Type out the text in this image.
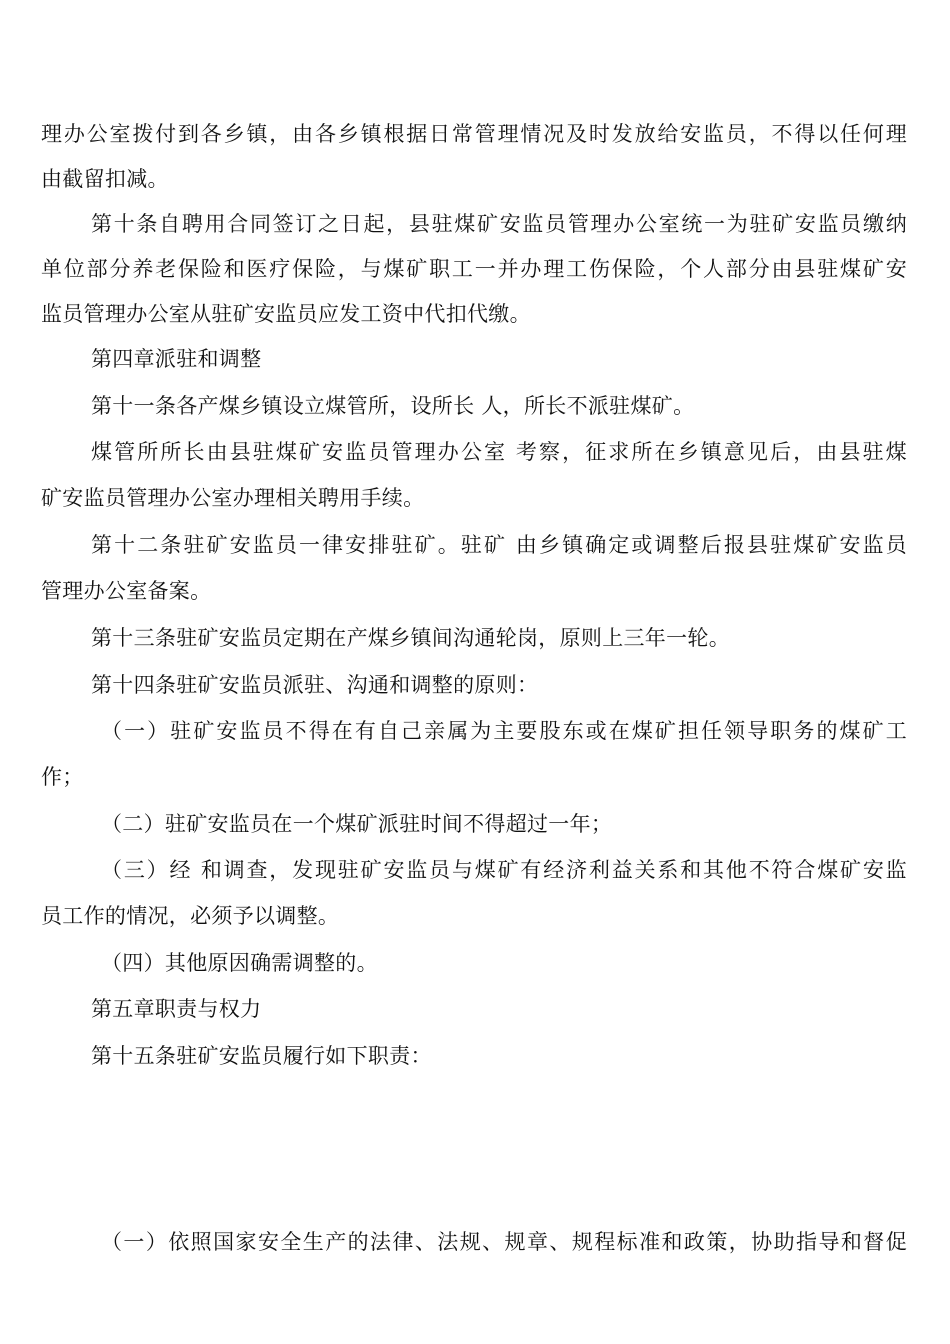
理办公室拨付到各乡镇，由各乡镇根据日常管理情况及时发放给安监员，不得以任何理
由截留扣减。
第十条自聘用合同签订之日起，县驻煤矿安监员管理办公室统一为驻矿安监员缴纳
单位部分养老保险和医疗保险，与煤矿职工一并办理工伤保险，个人部分由县驻煤矿安
监员管理办公室从驻矿安监员应发工资中代扣代缴。
第四章派驻和调整
第十一条各产煤乡镇设立煤管所，设所长 人，所长不派驻煤矿。
煤管所所长由县驻煤矿安监员管理办公室 考察，征求所在乡镇意见后，由县驻煤
矿安监员管理办公室办理相关聘用手续。
第十二条驻矿安监员一律安排驻矿。驻矿 由乡镇确定或调整后报县驻煤矿安监员
管理办公室备案。
第十三条驻矿安监员定期在产煤乡镇间沟通轮岗，原则上三年一轮。
第十四条驻矿安监员派驻、沟通和调整的原则：
（一）驻矿安监员不得在有自己亲属为主要股东或在煤矿担任领导职务的煤矿工
作；
（二）驻矿安监员在一个煤矿派驻时间不得超过一年；
（三）经 和调查，发现驻矿安监员与煤矿有经济利益关系和其他不符合煤矿安监
员工作的情况，必须予以调整。
（四）其他原因确需调整的。
第五章职责与权力
第十五条驻矿安监员履行如下职责：
（一）依照国家安全生产的法律、法规、规章、规程标准和政策，协助指导和督促
